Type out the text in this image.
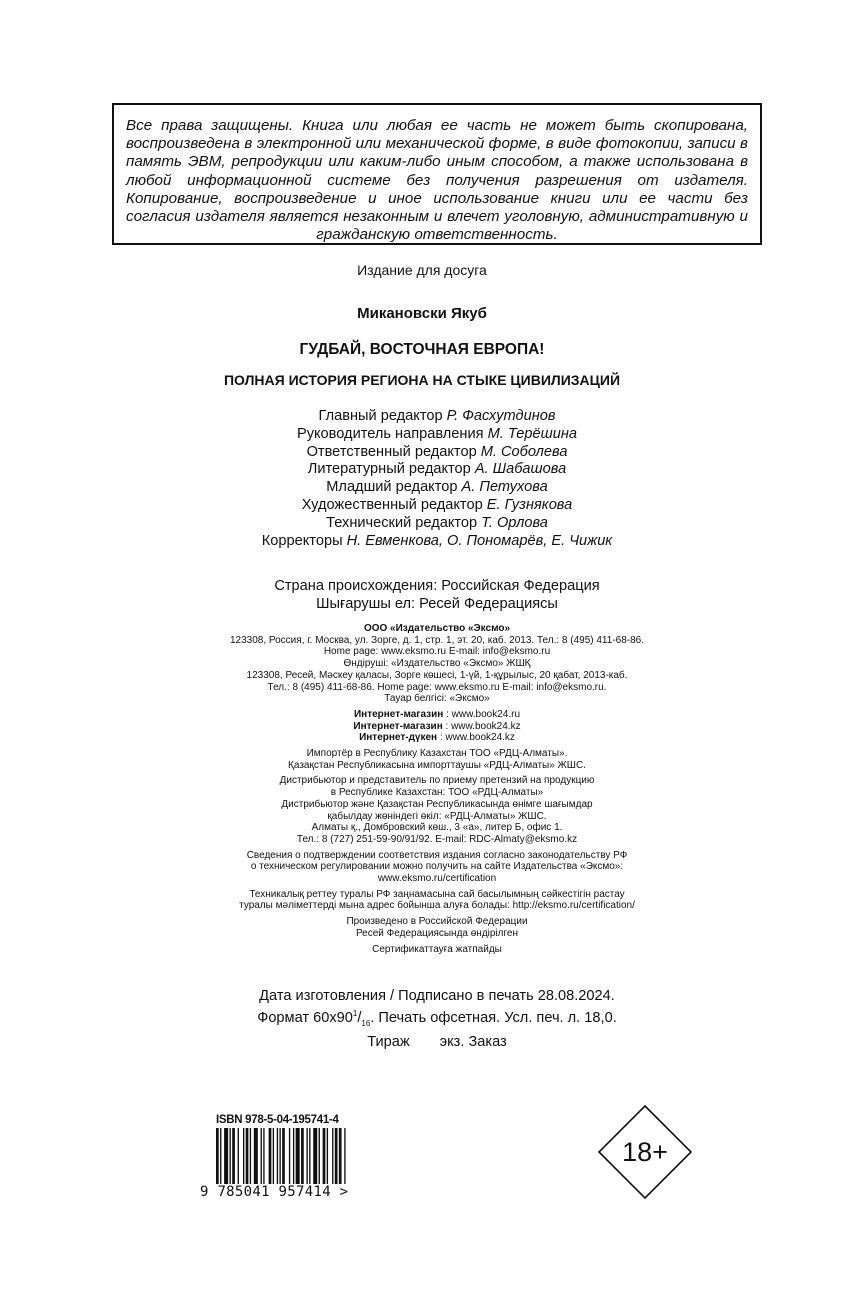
Все права защищены. Книга или любая ее часть не может быть скопирована, воспроизведена в электронной или механической форме, в виде фотокопии, записи в память ЭВМ, репродукции или каким-либо иным способом, а также использована в любой информационной системе без получения разрешения от издателя. Копирование, воспроизведение и иное использование книги или ее части без согласия издателя является незаконным и влечет уголовную, административную и гражданскую ответственность.
Издание для досуга
Микановски Якуб
ГУДБАЙ, ВОСТОЧНАЯ ЕВРОПА!
ПОЛНАЯ ИСТОРИЯ РЕГИОНА НА СТЫКЕ ЦИВИЛИЗАЦИЙ
Главный редактор Р. Фасхутдинов
Руководитель направления М. Терёшина
Ответственный редактор М. Соболева
Литературный редактор А. Шабашова
Младший редактор А. Петухова
Художественный редактор Е. Гузнякова
Технический редактор Т. Орлова
Корректоры Н. Евменкова, О. Пономарёв, Е. Чижик
Страна происхождения: Российская Федерация
Шығарушы ел: Ресей Федерациясы
ООО «Издательство «Эксмо»
123308, Россия, г. Москва, ул. Зорге, д. 1, стр. 1, эт. 20, каб. 2013. Тел.: 8 (495) 411-68-86.
Home page: www.eksmo.ru E-mail: info@eksmo.ru
Өндіруші: «Издательство «Эксмо» ЖШҚ
123308, Ресей, Мәскеу қаласы, Зорге көшесі, 1-үй, 1-құрылыс, 20 қабат, 2013-каб.
Тел.: 8 (495) 411-68-86. Home page: www.eksmo.ru E-mail: info@eksmo.ru.
Тауар белгісі: «Эксмо»
Интернет-магазин : www.book24.ru
Интернет-магазин : www.book24.kz
Интернет-дүкен : www.book24.kz
Импортёр в Республику Казахстан ТОО «РДЦ-Алматы».
Қазақстан Республикасына импорттаушы «РДЦ-Алматы» ЖШС.
Дистрибьютор и представитель по приему претензий на продукцию
в Республике Казахстан: ТОО «РДЦ-Алматы»
Дистрибьютор және Қазақстан Республикасында өнімге шағымдар
қабылдау жөніндегі өкіл: «РДЦ-Алматы» ЖШС.
Алматы қ., Домбровский көш., 3 «а», литер Б, офис 1.
Тел.: 8 (727) 251-59-90/91/92. E-mail: RDC-Almaty@eksmo.kz
Сведения о подтверждении соответствия издания согласно законодательству РФ
о техническом регулировании можно получить на сайте Издательства «Эксмо»:
www.eksmo.ru/certification
Техникалық реттеу туралы РФ заңнамасына сай басылымның сәйкестігін растау
туралы мәліметтерді мына адрес бойынша алуға болады: http://eksmo.ru/certification/
Произведено в Российской Федерации
Ресей Федерациясында өндірілген
Сертификаттауға жатпайды
Дата изготовления / Подписано в печать 28.08.2024.
Формат $60x90^1/_{16}$. Печать офсетная. Усл. печ. л. 18,0.
Тираж экз. Заказ
ISBN 978-5-04-195741-4
9 785041 957414 >
18+
